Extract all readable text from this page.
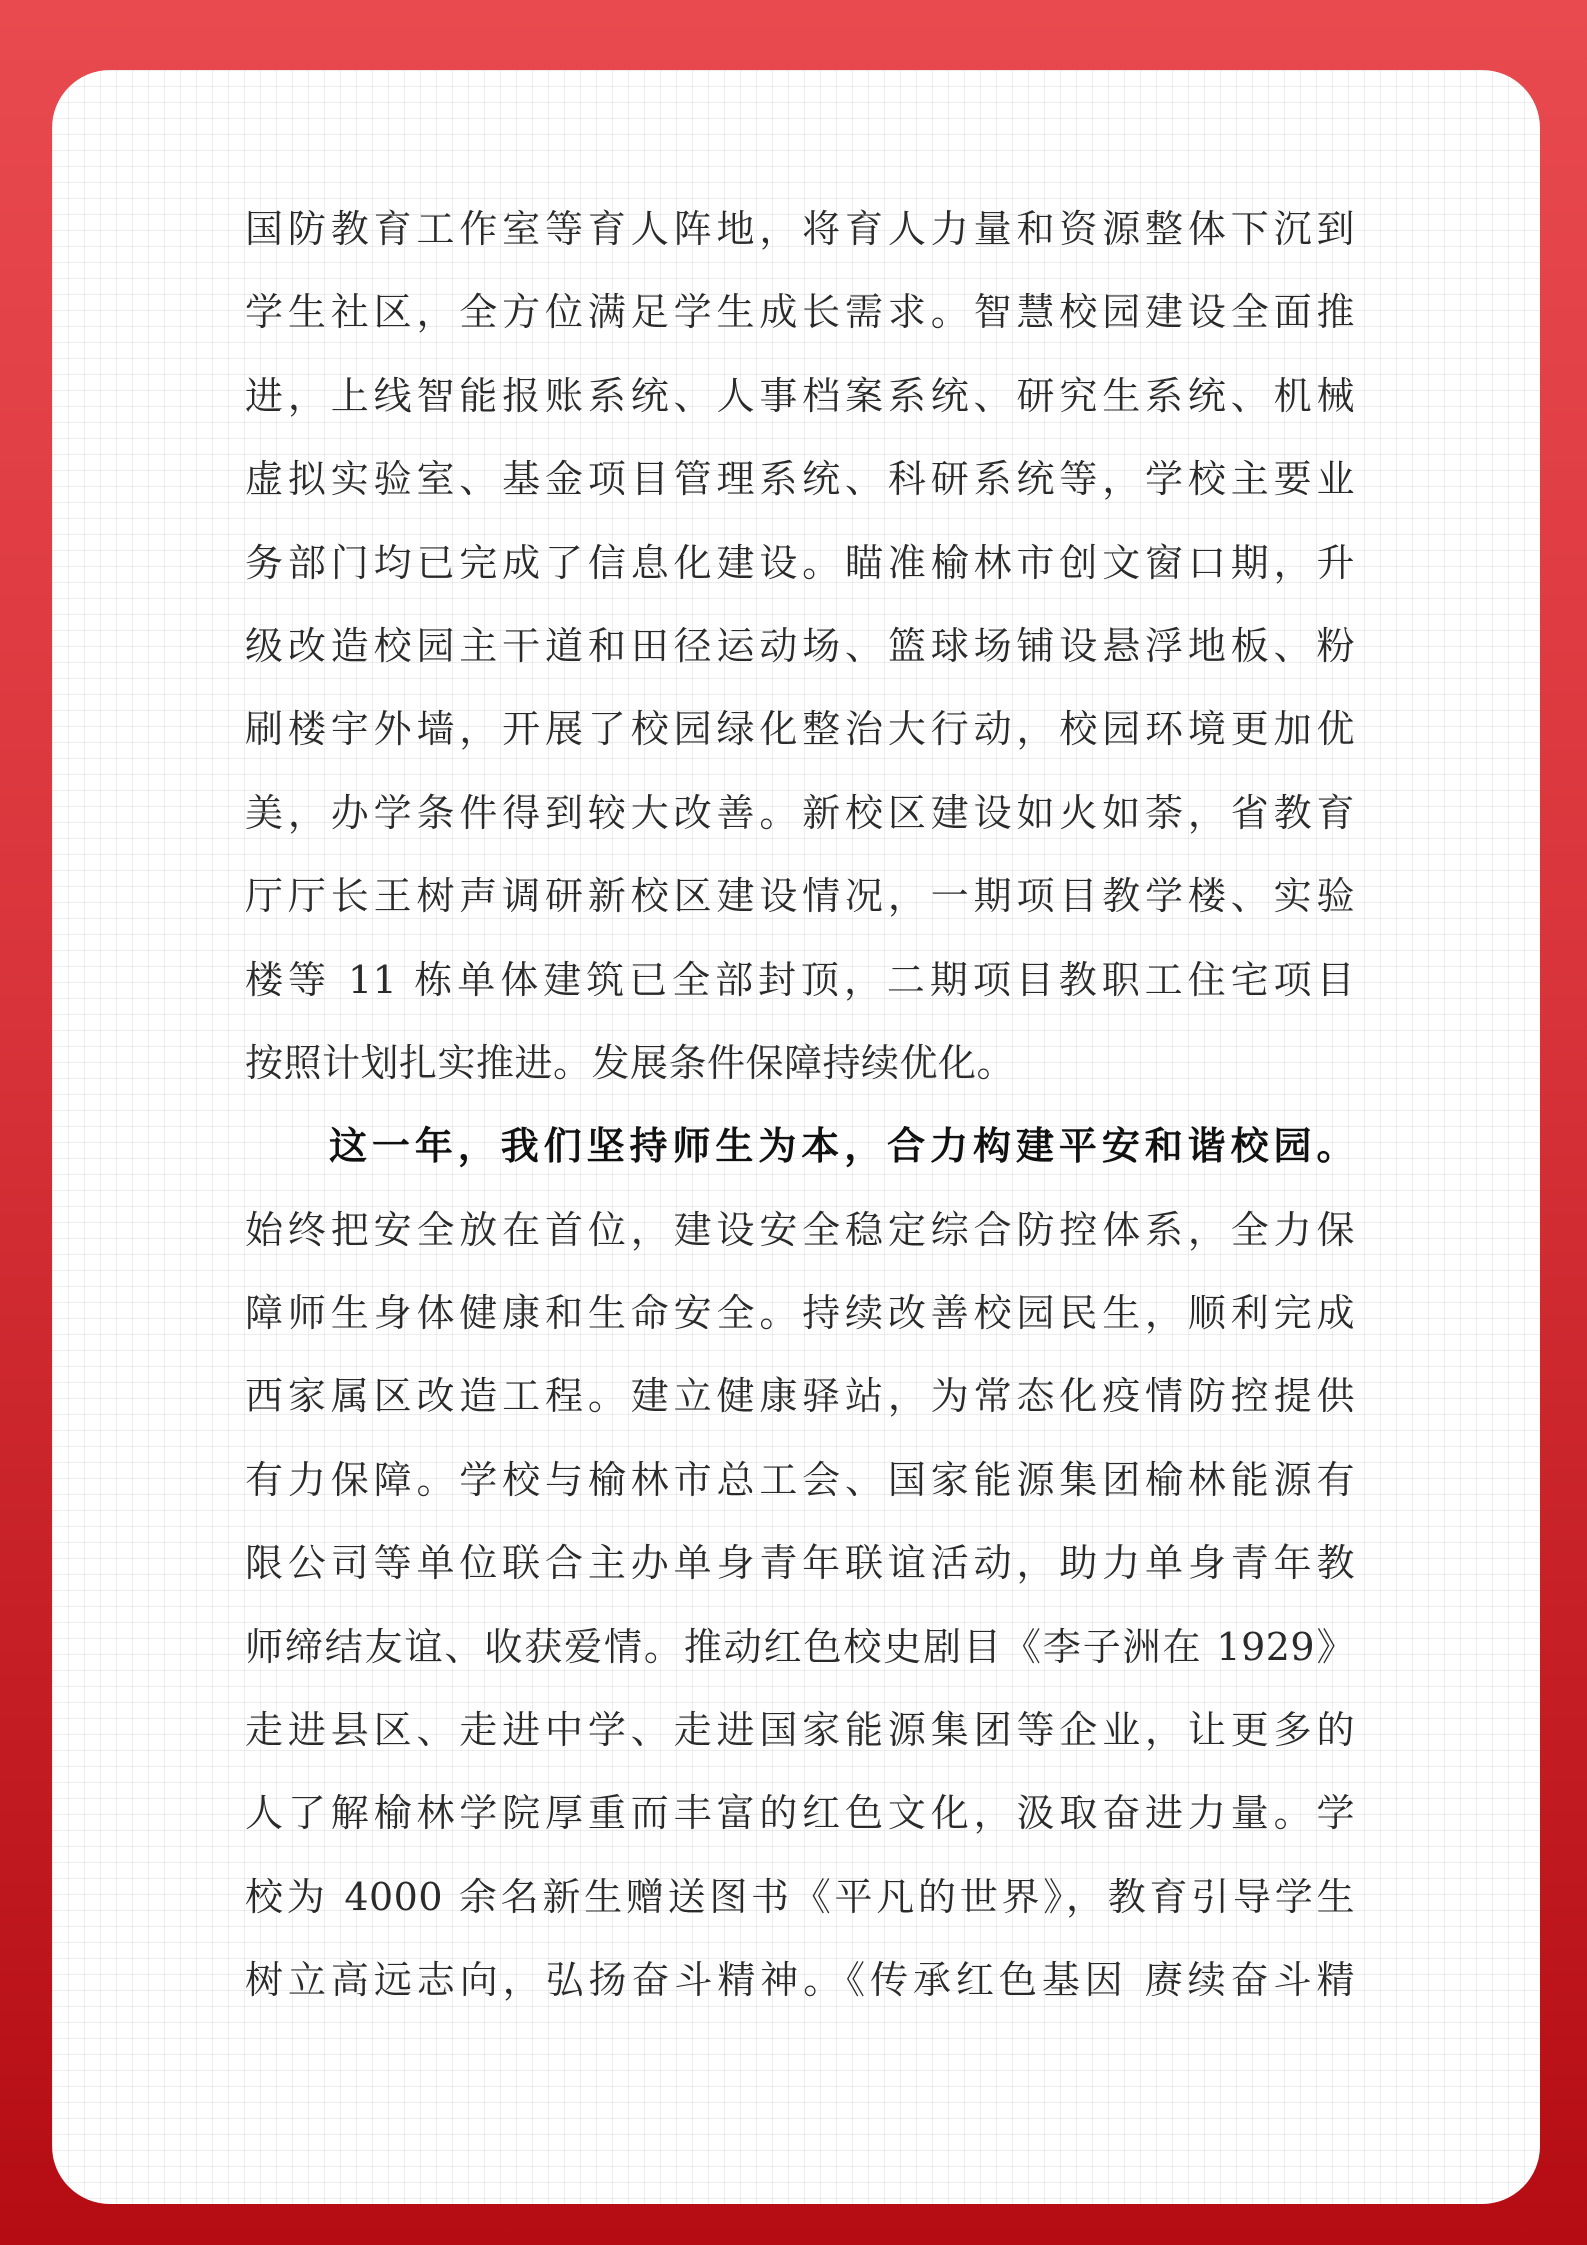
国防教育工作室等育人阵地，将育人力量和资源整体下沉到
学生社区，全方位满足学生成长需求。智慧校园建设全面推
进，上线智能报账系统、人事档案系统、研究生系统、机械
虚拟实验室、基金项目管理系统、科研系统等，学校主要业
务部门均已完成了信息化建设。瞄准榆林市创文窗口期，升
级改造校园主干道和田径运动场、篮球场铺设悬浮地板、粉
刷楼宇外墙，开展了校园绿化整治大行动，校园环境更加优
美，办学条件得到较大改善。新校区建设如火如荼，省教育
厅厅长王树声调研新校区建设情况，一期项目教学楼、实验
楼等 11 栋单体建筑已全部封顶，二期项目教职工住宅项目
按照计划扎实推进。发展条件保障持续优化。
这一年，我们坚持师生为本，合力构建平安和谐校园。
始终把安全放在首位，建设安全稳定综合防控体系，全力保
障师生身体健康和生命安全。持续改善校园民生，顺利完成
西家属区改造工程。建立健康驿站，为常态化疫情防控提供
有力保障。学校与榆林市总工会、国家能源集团榆林能源有
限公司等单位联合主办单身青年联谊活动，助力单身青年教
师缔结友谊、收获爱情。推动红色校史剧目《李子洲在 1929》
走进县区、走进中学、走进国家能源集团等企业，让更多的
人了解榆林学院厚重而丰富的红色文化，汲取奋进力量。学
校为 4000 余名新生赠送图书《平凡的世界》，教育引导学生
树立高远志向，弘扬奋斗精神。《传承红色基因 赓续奋斗精
